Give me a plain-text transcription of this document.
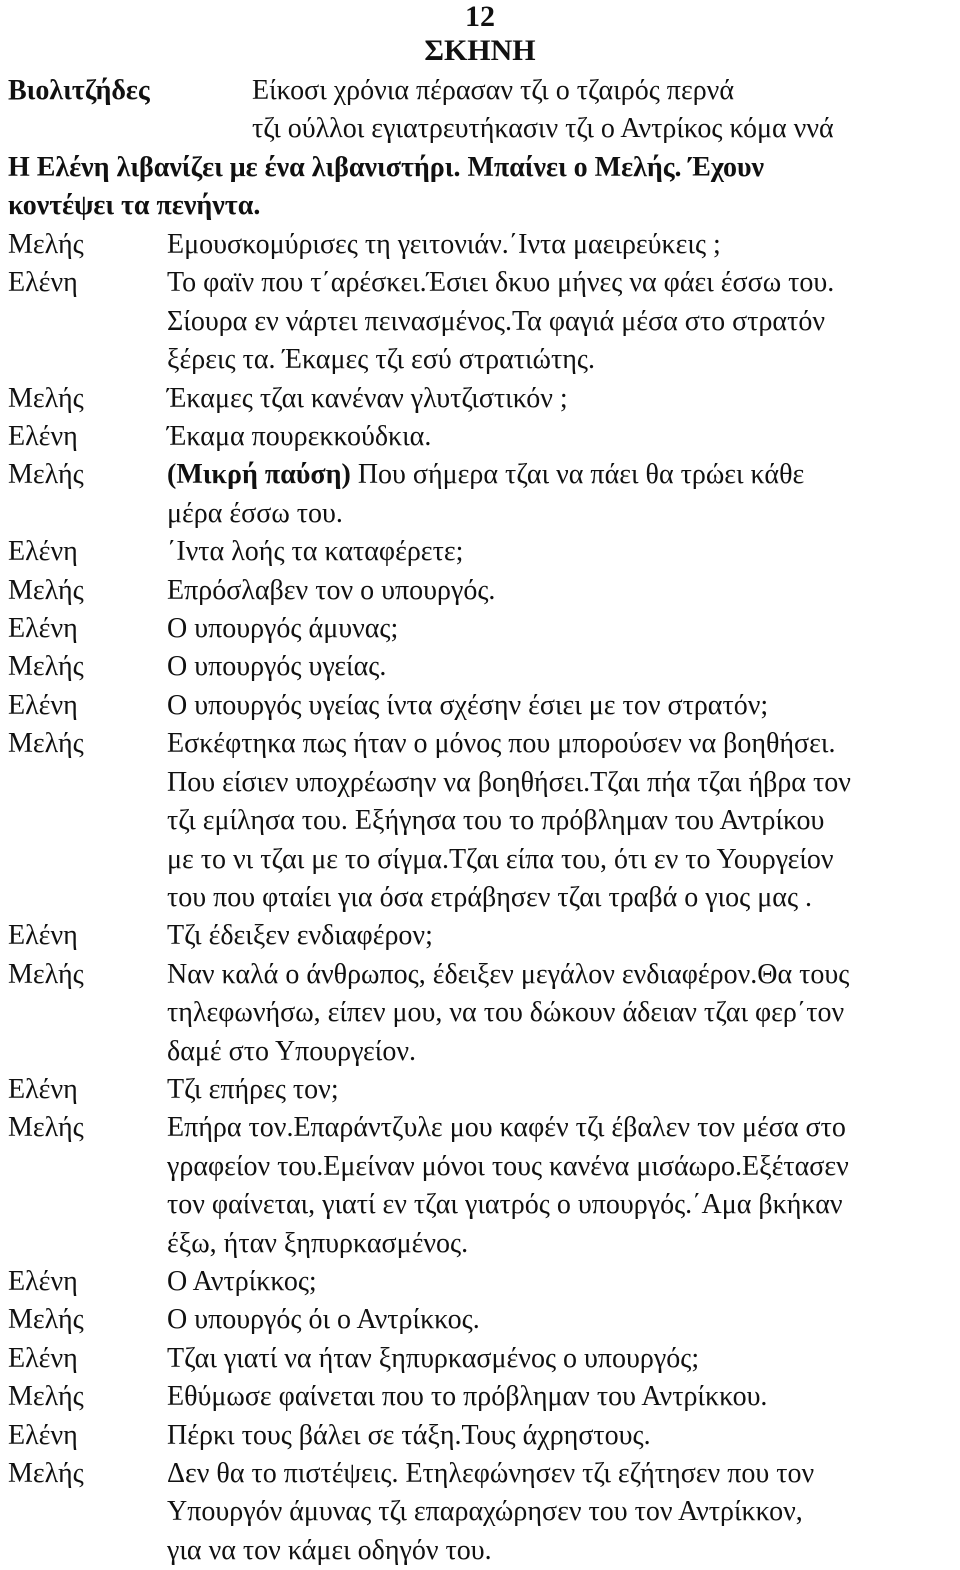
12
ΣΚΗΝΗ
Βιολιτζήδες	Είκοσι χρόνια πέρασαν τζι ο τζαιρός περνά
τζι ούλλοι εγιατρευτήκασιν τζι ο Αντρίκος κόμα ννά
Η Ελένη λιβανίζει με ένα λιβανιστήρι. Μπαίνει ο Μελής. Έχουν
κοντέψει τα πενήντα.
Μελής	Εμουσκομύρισες τη γειτονιάν.΄Ιντα μαειρεύκεις ;
Ελένη	Το φαϊν που τ΄αρέσκει.Έσιει δκυο μήνες να φάει έσσω του.
Σίουρα εν νάρτει πεινασμένος.Τα φαγιά μέσα στο στρατόν
ξέρεις τα. Έκαμες τζι εσύ στρατιώτης.
Μελής	Έκαμες τζαι κανέναν γλυτζιστικόν ;
Ελένη	Έκαμα πουρεκκούδκια.
Μελής	(Μικρή παύση) Που σήμερα τζαι να πάει θα τρώει κάθε
μέρα έσσω του.
Ελένη	΄Ιντα λοής τα καταφέρετε;
Μελής	Επρόσλαβεν τον ο υπουργός.
Ελένη	Ο υπουργός άμυνας;
Μελής	Ο υπουργός υγείας.
Ελένη	Ο υπουργός υγείας ίντα σχέσην έσιει με τον στρατόν;
Μελής	Εσκέφτηκα πως ήταν ο μόνος που μπορούσεν να βοηθήσει.
Που είσιεν υποχρέωσην να βοηθήσει.Τζαι πήα τζαι ήβρα τον
τζι εμίλησα του. Εξήγησα του το πρόβλημαν του Αντρίκου
με το νι τζαι με το σίγμα.Τζαι είπα του, ότι εν το Υουργείον
του που φταίει για όσα ετράβησεν τζαι τραβά ο γιος μας .
Ελένη	Τζι έδειξεν ενδιαφέρον;
Μελής	Ναν καλά ο άνθρωπος, έδειξεν μεγάλον ενδιαφέρον.Θα τους
τηλεφωνήσω, είπεν μου, να του δώκουν άδειαν τζαι φερ΄τον
δαμέ στο Υπουργείον.
Ελένη	Τζι επήρες τον;
Μελής	Επήρα τον.Επαράντζυλε μου καφέν τζι έβαλεν τον μέσα στο
γραφείον του.Εμείναν μόνοι τους κανένα μισάωρο.Εξέτασεν
τον φαίνεται, γιατί εν τζαι γιατρός ο υπουργός.΄Αμα βκήκαν
έξω, ήταν ξηπυρκασμένος.
Ελένη	Ο Αντρίκκος;
Μελής	Ο υπουργός όι ο Αντρίκκος.
Ελένη	Τζαι γιατί να ήταν ξηπυρκασμένος ο υπουργός;
Μελής	Εθύμωσε φαίνεται που το πρόβλημαν του Αντρίκκου.
Ελένη	Πέρκι τους βάλει σε τάξη.Τους άχρηστους.
Μελής	Δεν θα το πιστέψεις. Ετηλεφώνησεν τζι εζήτησεν που τον
Υπουργόν άμυνας τζι επαραχώρησεν του τον Αντρίκκον,
για να τον κάμει οδηγόν του.
